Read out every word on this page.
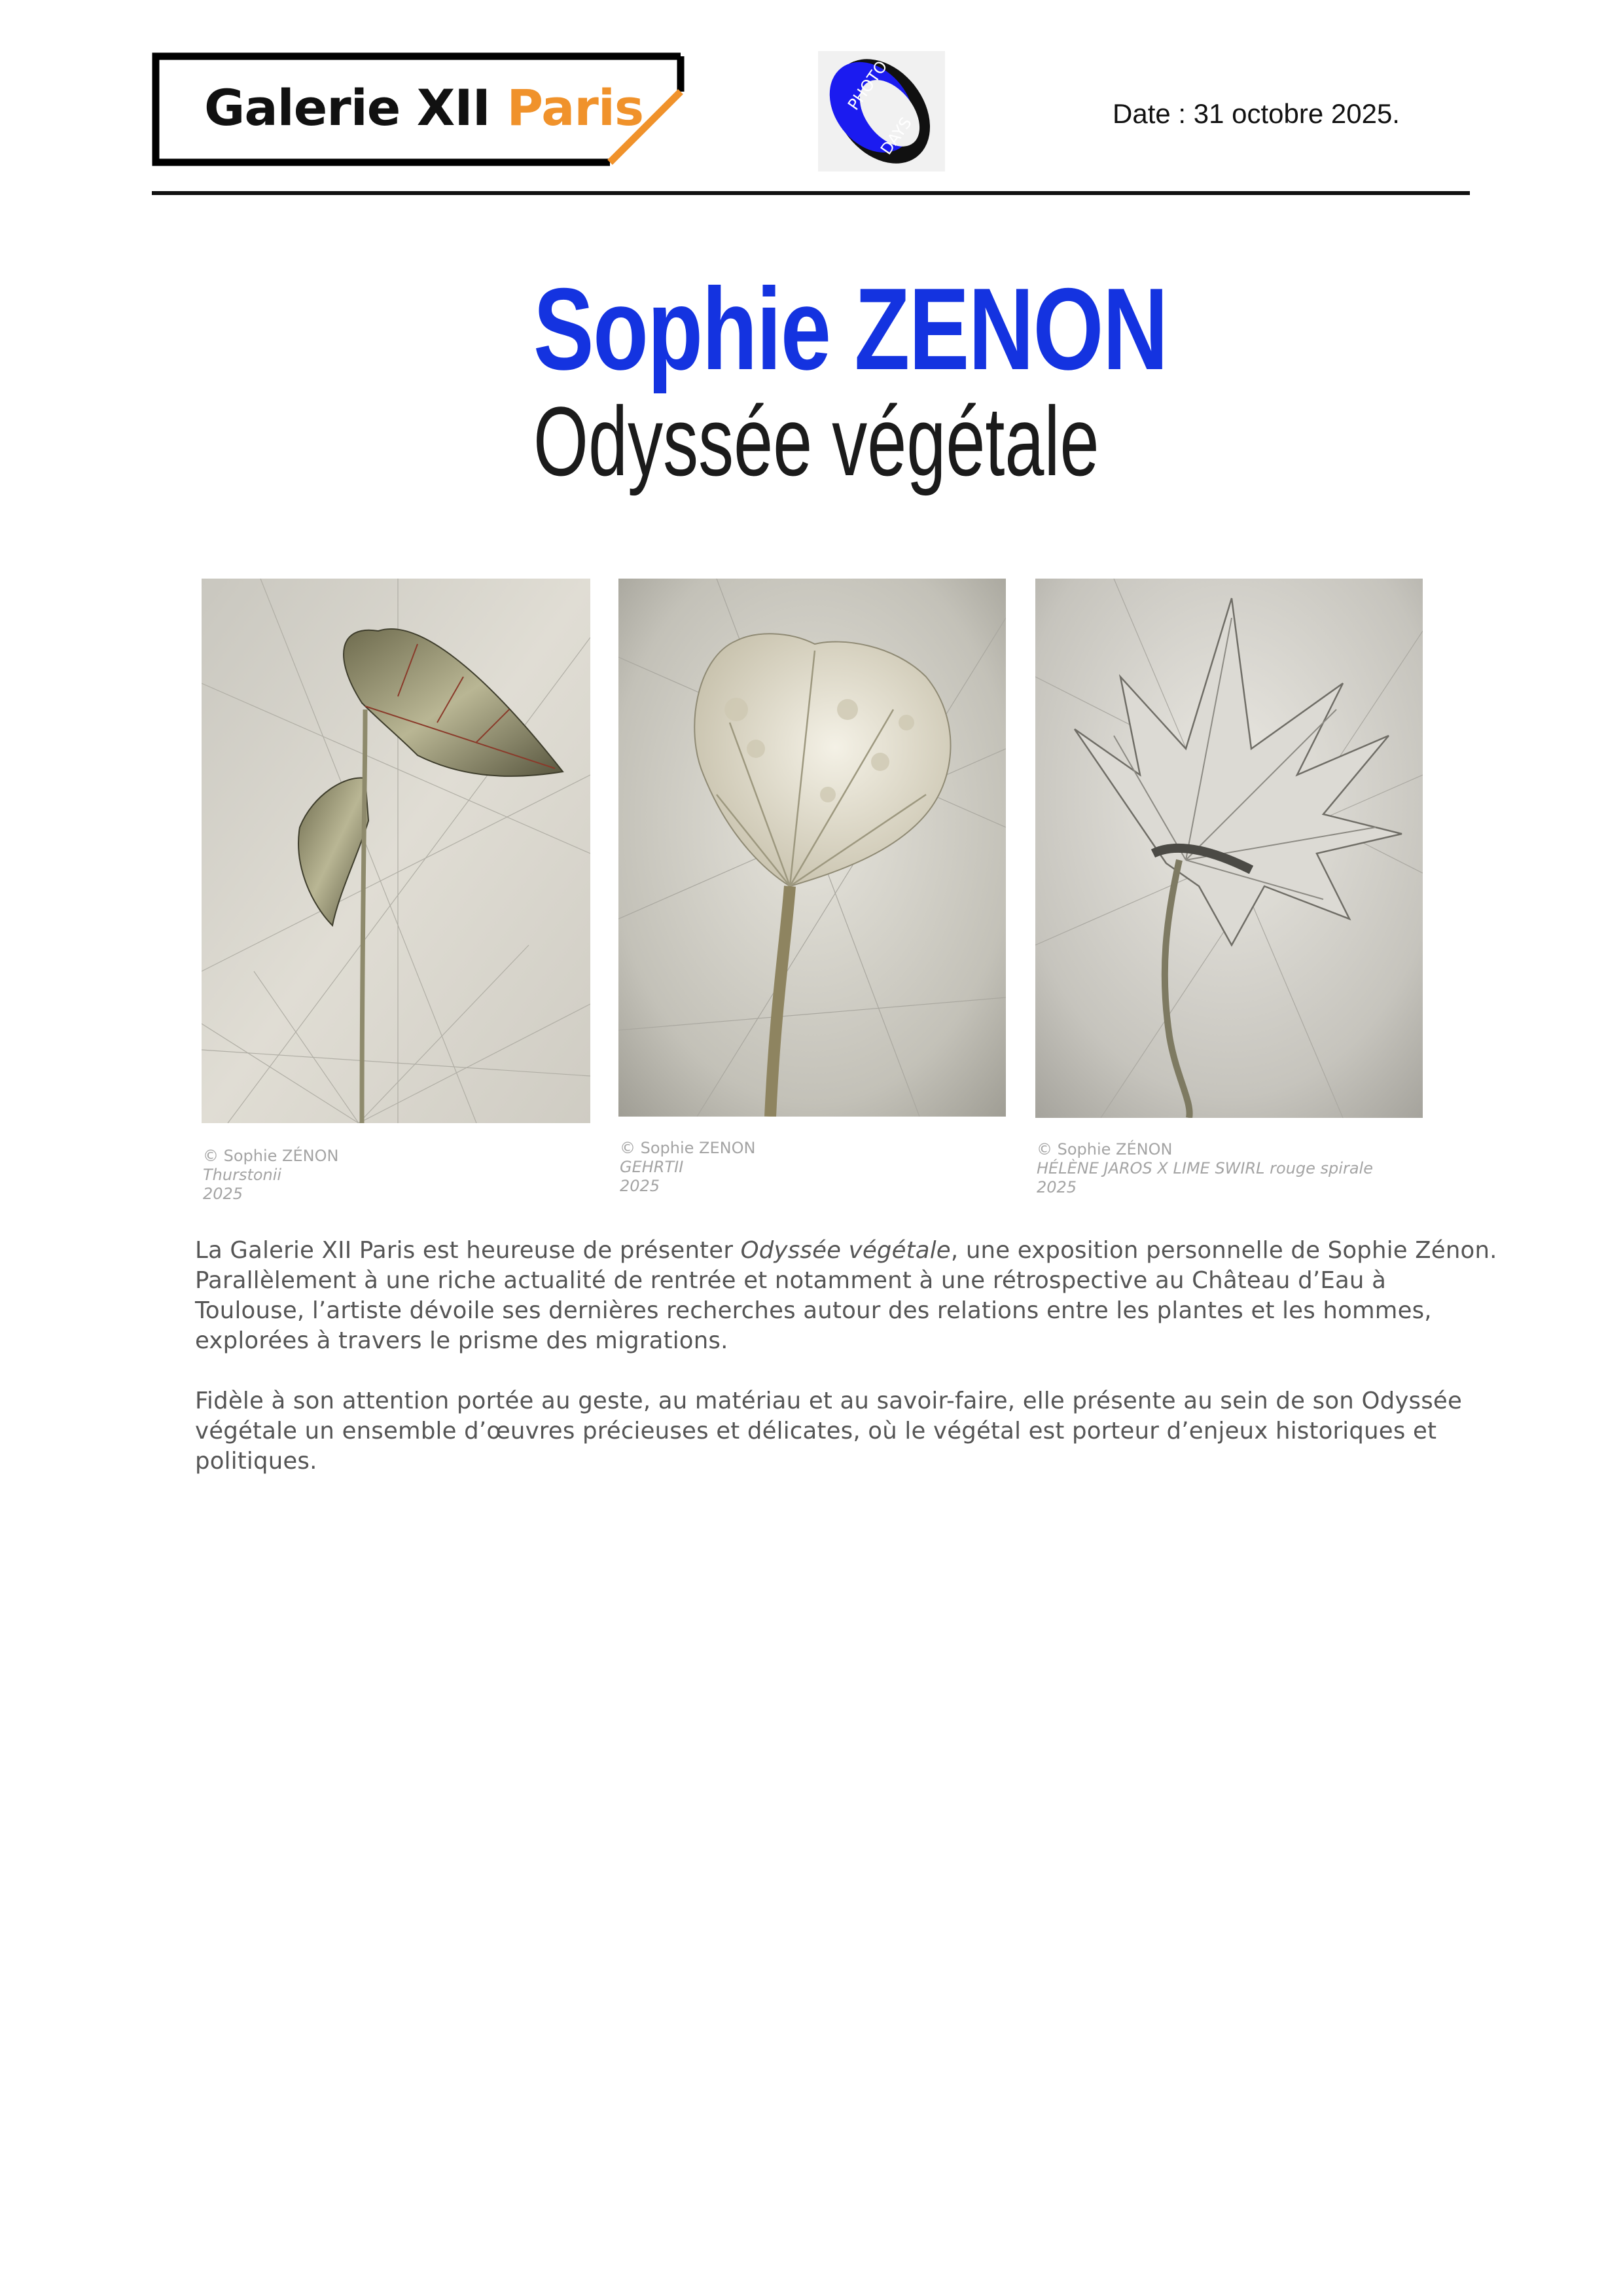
Galerie XII Paris	PHOTO
DAYS
Date : 31 octobre 2025.
Sophie ZENON
Odyssée végétale
© Sophie ZÉNON
Thurstonii
2025
© Sophie ZENON
GEHRTII
2025
© Sophie ZÉNON
HÉLÈNE JAROS X LIME SWIRL rouge spirale
2025
La Galerie XII Paris est heureuse de présenter Odyssée végétale, une exposition personnelle de Sophie Zénon. Parallèlement à une riche actualité de rentrée et notamment à une rétrospective au Château d’Eau à Toulouse, l’artiste dévoile ses dernières recherches autour des relations entre les plantes et les hommes, explorées à travers le prisme des migrations.
Fidèle à son attention portée au geste, au matériau et au savoir-faire, elle présente au sein de son Odyssée végétale un ensemble d’œuvres précieuses et délicates, où le végétal est porteur d’enjeux historiques et politiques.
